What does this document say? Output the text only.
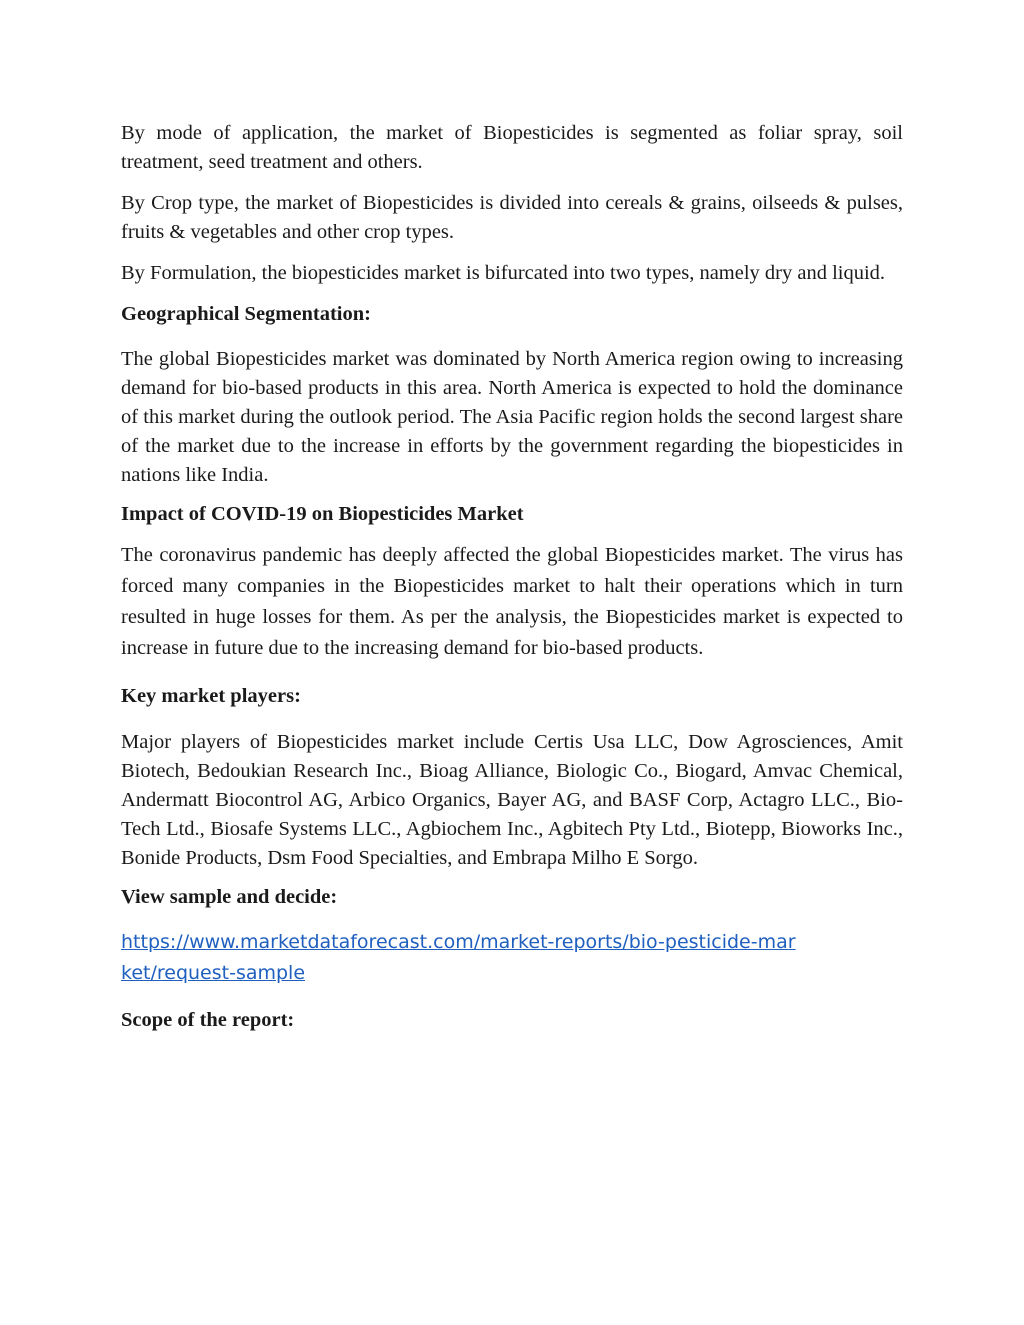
By mode of application, the market of Biopesticides is segmented as foliar spray, soil treatment, seed treatment and others.

By Crop type, the market of Biopesticides is divided into cereals & grains, oilseeds & pulses, fruits & vegetables and other crop types.

By Formulation, the biopesticides market is bifurcated into two types, namely dry and liquid.

Geographical Segmentation:

The global Biopesticides market was dominated by North America region owing to increasing demand for bio-based products in this area. North America is expected to hold the dominance of this market during the outlook period. The Asia Pacific region holds the second largest share of the market due to the increase in efforts by the government regarding the biopesticides in nations like India.

Impact of COVID-19 on Biopesticides Market

The coronavirus pandemic has deeply affected the global Biopesticides market. The virus has forced many companies in the Biopesticides market to halt their operations which in turn resulted in huge losses for them. As per the analysis, the Biopesticides market is expected to increase in future due to the increasing demand for bio-based products.

Key market players:

Major players of Biopesticides market include Certis Usa LLC, Dow Agrosciences, Amit Biotech, Bedoukian Research Inc., Bioag Alliance, Biologic Co., Biogard, Amvac Chemical, Andermatt Biocontrol AG, Arbico Organics, Bayer AG, and BASF Corp, Actagro LLC., Bio-Tech Ltd., Biosafe Systems LLC., Agbiochem Inc., Agbitech Pty Ltd., Biotepp, Bioworks Inc., Bonide Products, Dsm Food Specialties, and Embrapa Milho E Sorgo.

View sample and decide:
https://www.marketdataforecast.com/market-reports/bio-pesticide-market/request-sample
Scope of the report:
